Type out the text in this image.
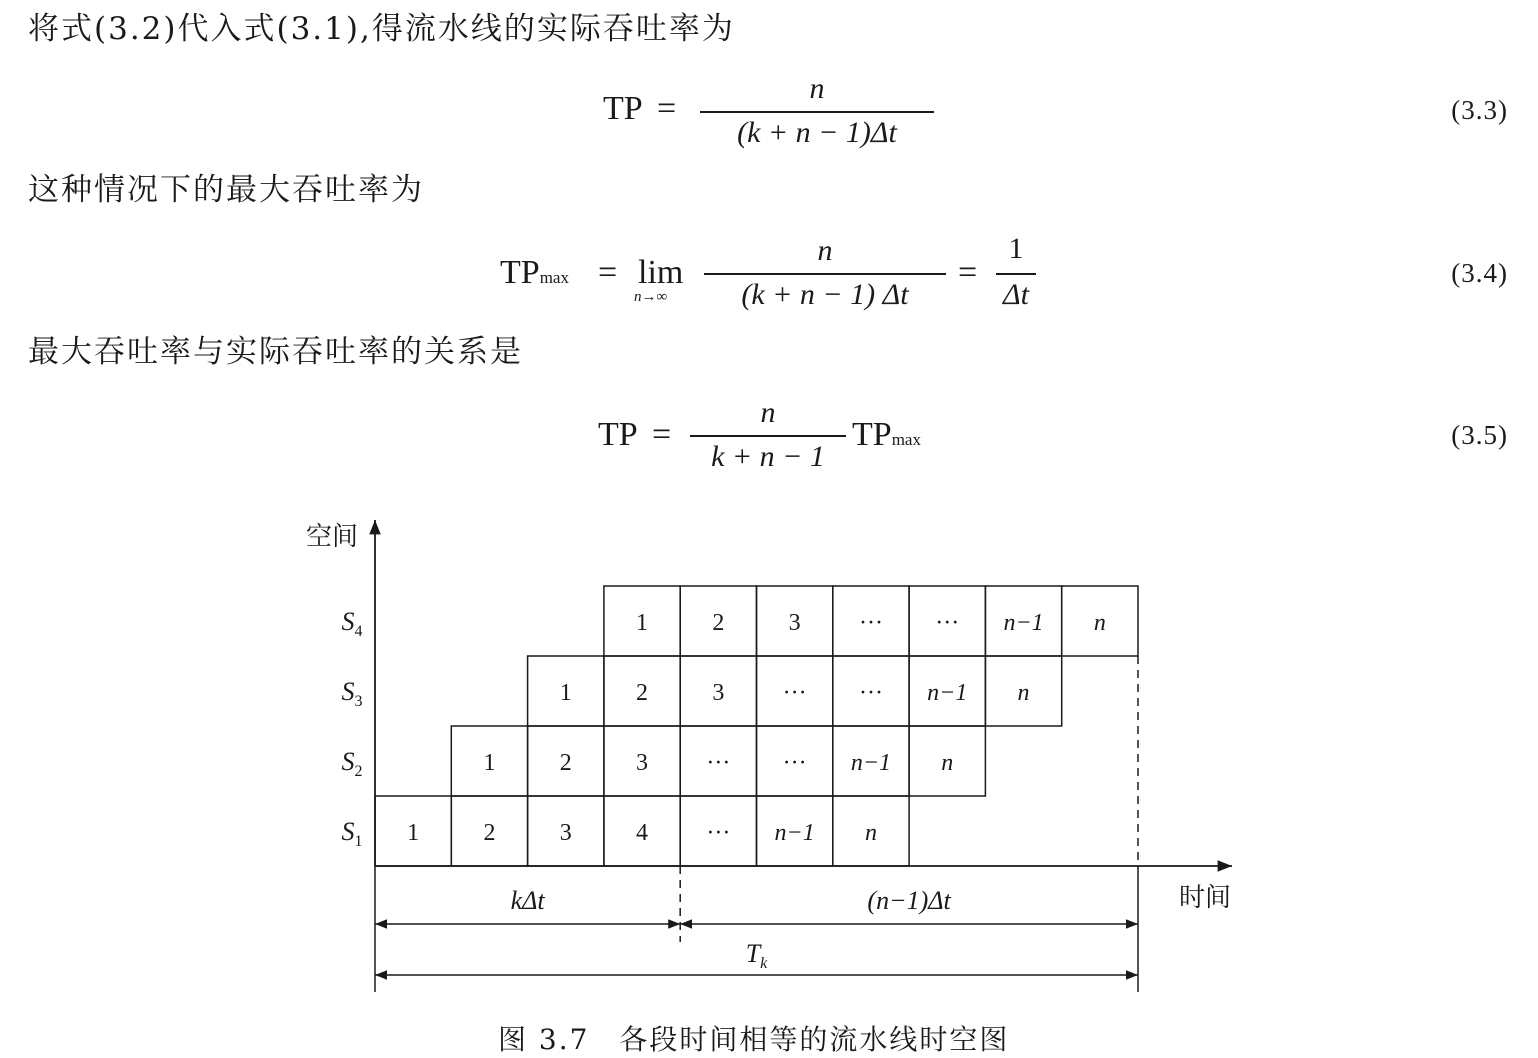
将式(3.2)代入式(3.1),得流水线的实际吞吐率为
这种情况下的最大吞吐率为
最大吞吐率与实际吞吐率的关系是
TP =
n
(k + n − 1)Δt
(3.3)
TPmax = lim
n→∞
n
(k + n − 1) Δt
=
1
Δt
(3.4)
TP =
n
k + n − 1
TPmax	(3.5)
空间
时间
$S_4$	1	2	3 ··· ··· n−1 n
$S_3$	1	2	3 ··· ··· n−1 n
$S_2$	1	2	3 ··· ··· n−1 n
$S_1$ 1	2	3	4 ··· n−1 n
kΔt	(n−1)Δt
$T_k$
图 3.7　各段时间相等的流水线时空图
